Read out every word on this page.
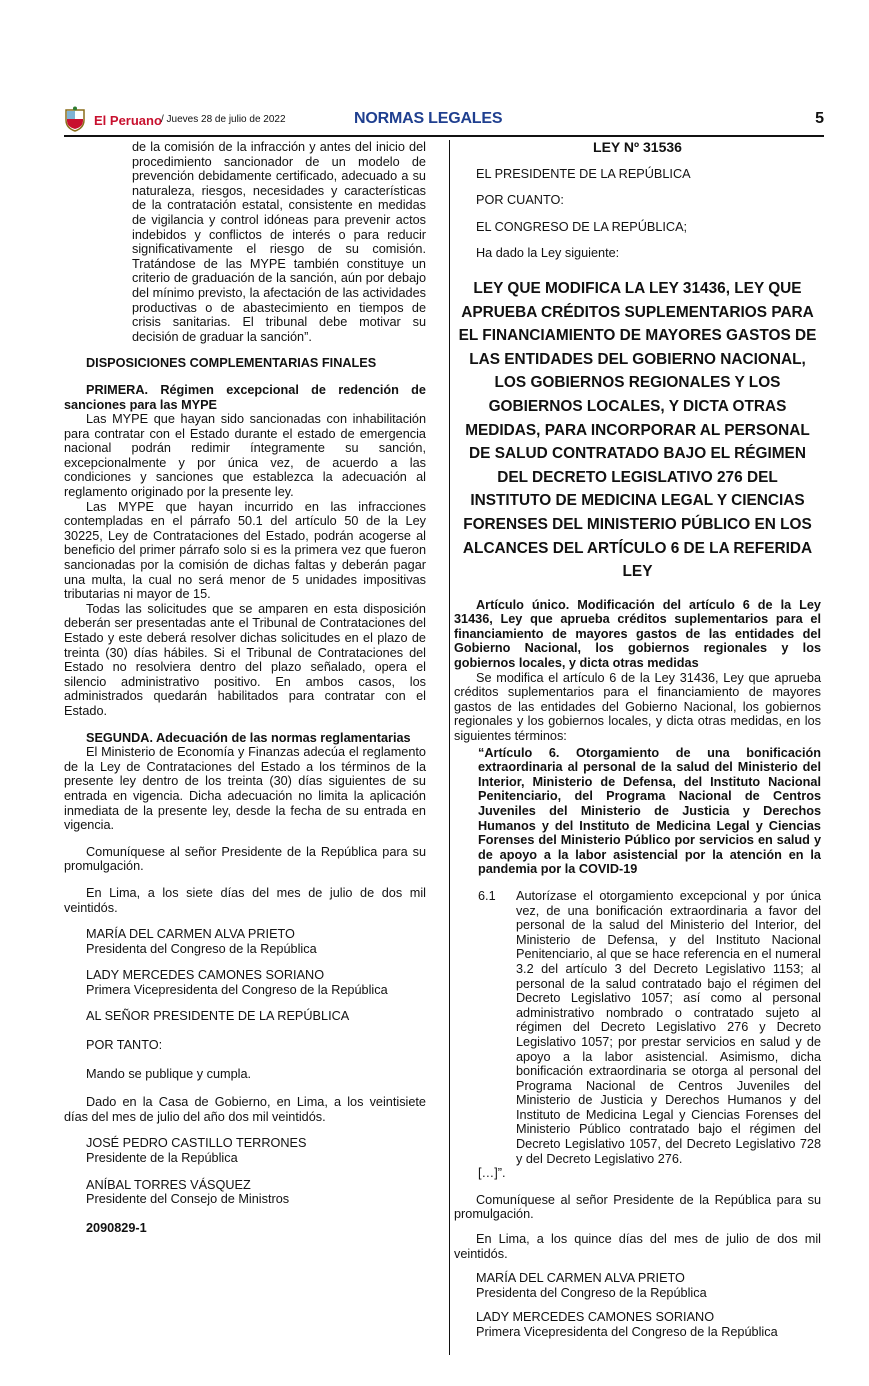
El Peruano / Jueves 28 de julio de 2022	NORMAS LEGALES	5

de la comisión de la infracción y antes del inicio del procedimiento sancionador de un modelo de prevención debidamente certificado, adecuado a su naturaleza, riesgos, necesidades y características de la contratación estatal, consistente en medidas de vigilancia y control idóneas para prevenir actos indebidos y conflictos de interés o para reducir significativamente el riesgo de su comisión. Tratándose de las MYPE también constituye un criterio de graduación de la sanción, aún por debajo del mínimo previsto, la afectación de las actividades productivas o de abastecimiento en tiempos de crisis sanitarias. El tribunal debe motivar su decisión de graduar la sanción”.

DISPOSICIONES COMPLEMENTARIAS FINALES

PRIMERA. Régimen excepcional de redención de sanciones para las MYPE

Las MYPE que hayan sido sancionadas con inhabilitación para contratar con el Estado durante el estado de emergencia nacional podrán redimir íntegramente su sanción, excepcionalmente y por única vez, de acuerdo a las condiciones y sanciones que establezca la adecuación al reglamento originado por la presente ley.

Las MYPE que hayan incurrido en las infracciones contempladas en el párrafo 50.1 del artículo 50 de la Ley 30225, Ley de Contrataciones del Estado, podrán acogerse al beneficio del primer párrafo solo si es la primera vez que fueron sancionadas por la comisión de dichas faltas y deberán pagar una multa, la cual no será menor de 5 unidades impositivas tributarias ni mayor de 15.

Todas las solicitudes que se amparen en esta disposición deberán ser presentadas ante el Tribunal de Contrataciones del Estado y este deberá resolver dichas solicitudes en el plazo de treinta (30) días hábiles. Si el Tribunal de Contrataciones del Estado no resolviera dentro del plazo señalado, opera el silencio administrativo positivo. En ambos casos, los administrados quedarán habilitados para contratar con el Estado.

SEGUNDA. Adecuación de las normas reglamentarias

El Ministerio de Economía y Finanzas adecúa el reglamento de la Ley de Contrataciones del Estado a los términos de la presente ley dentro de los treinta (30) días siguientes de su entrada en vigencia. Dicha adecuación no limita la aplicación inmediata de la presente ley, desde la fecha de su entrada en vigencia.

Comuníquese al señor Presidente de la República para su promulgación.

En Lima, a los siete días del mes de julio de dos mil veintidós.

MARÍA DEL CARMEN ALVA PRIETO

Presidenta del Congreso de la República

LADY MERCEDES CAMONES SORIANO

Primera Vicepresidenta del Congreso de la República

AL SEÑOR PRESIDENTE DE LA REPÚBLICA

POR TANTO:

Mando se publique y cumpla.

Dado en la Casa de Gobierno, en Lima, a los veintisiete días del mes de julio del año dos mil veintidós.

JOSÉ PEDRO CASTILLO TERRONES

Presidente de la República

ANÍBAL TORRES VÁSQUEZ

Presidente del Consejo de Ministros

2090829-1

LEY Nº 31536

EL PRESIDENTE DE LA REPÚBLICA

POR CUANTO:

EL CONGRESO DE LA REPÚBLICA;

Ha dado la Ley siguiente:

LEY QUE MODIFICA LA LEY 31436, LEY QUE APRUEBA CRÉDITOS SUPLEMENTARIOS PARA EL FINANCIAMIENTO DE MAYORES GASTOS DE LAS ENTIDADES DEL GOBIERNO NACIONAL, LOS GOBIERNOS REGIONALES Y LOS GOBIERNOS LOCALES, Y DICTA OTRAS MEDIDAS, PARA INCORPORAR AL PERSONAL DE SALUD CONTRATADO BAJO EL RÉGIMEN DEL DECRETO LEGISLATIVO 276 DEL INSTITUTO DE MEDICINA LEGAL Y CIENCIAS FORENSES DEL MINISTERIO PÚBLICO EN LOS ALCANCES DEL ARTÍCULO 6 DE LA REFERIDA LEY

Artículo único. Modificación del artículo 6 de la Ley 31436, Ley que aprueba créditos suplementarios para el financiamiento de mayores gastos de las entidades del Gobierno Nacional, los gobiernos regionales y los gobiernos locales, y dicta otras medidas

Se modifica el artículo 6 de la Ley 31436, Ley que aprueba créditos suplementarios para el financiamiento de mayores gastos de las entidades del Gobierno Nacional, los gobiernos regionales y los gobiernos locales, y dicta otras medidas, en los siguientes términos:

“Artículo 6. Otorgamiento de una bonificación extraordinaria al personal de la salud del Ministerio del Interior, Ministerio de Defensa, del Instituto Nacional Penitenciario, del Programa Nacional de Centros Juveniles del Ministerio de Justicia y Derechos Humanos y del Instituto de Medicina Legal y Ciencias Forenses del Ministerio Público por servicios en salud y de apoyo a la labor asistencial por la atención en la pandemia por la COVID-19

6.1	Autorízase el otorgamiento excepcional y por única vez, de una bonificación extraordinaria a favor del personal de la salud del Ministerio del Interior, del Ministerio de Defensa, y del Instituto Nacional Penitenciario, al que se hace referencia en el numeral 3.2 del artículo 3 del Decreto Legislativo 1153; al personal de la salud contratado bajo el régimen del Decreto Legislativo 1057; así como al personal administrativo nombrado o contratado sujeto al régimen del Decreto Legislativo 276 y Decreto Legislativo 1057; por prestar servicios en salud y de apoyo a la labor asistencial. Asimismo, dicha bonificación extraordinaria se otorga al personal del Programa Nacional de Centros Juveniles del Ministerio de Justicia y Derechos Humanos y del Instituto de Medicina Legal y Ciencias Forenses del Ministerio Público contratado bajo el régimen del Decreto Legislativo 1057, del Decreto Legislativo 728 y del Decreto Legislativo 276.

[…]”.

Comuníquese al señor Presidente de la República para su promulgación.

En Lima, a los quince días del mes de julio de dos mil veintidós.

MARÍA DEL CARMEN ALVA PRIETO

Presidenta del Congreso de la República

LADY MERCEDES CAMONES SORIANO

Primera Vicepresidenta del Congreso de la República
